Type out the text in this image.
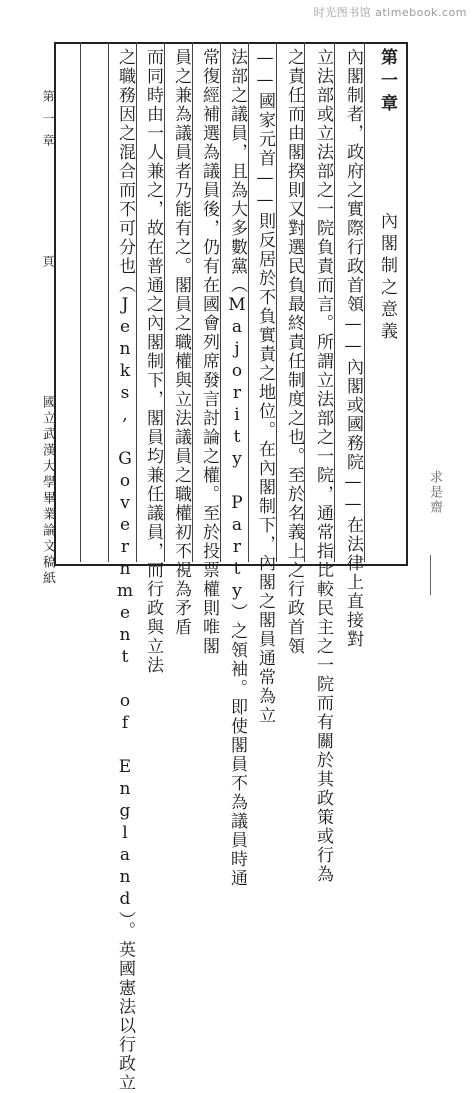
时光图书馆 atimebook.com
第一章
頁
國立武漢大學畢業論文稿紙
第一章
內閣制之意義
內閣制者，政府之實際行政首領——內閣或國務院——在法律上直接對
立法部或立法部之一院負責而言。所謂立法部之一院，通常指比較民主之一院而有關於其政策或行為
之責任而由閣揆則又對選民負最終責任制度之也。至於名義上之行政首領
——國家元首——則反居於不負實責之地位。在內閣制下，內閣之閣員通常為立
法部之議員，且為大多數黨（Majority Party）之領袖。即使閣員不為議員時通
常復經補選為議員後，仍有在國會列席發言討論之權。至於投票權則唯閣
員之兼為議員者乃能有之。閣員之職權與立法議員之職權初不視為矛盾
而同時由一人兼之，故在普通之內閣制下，閣員均兼任議員，而行政與立法
之職務因之混合而不可分也（Jenks, Government of England）。英國憲法以行政立	求是齋
